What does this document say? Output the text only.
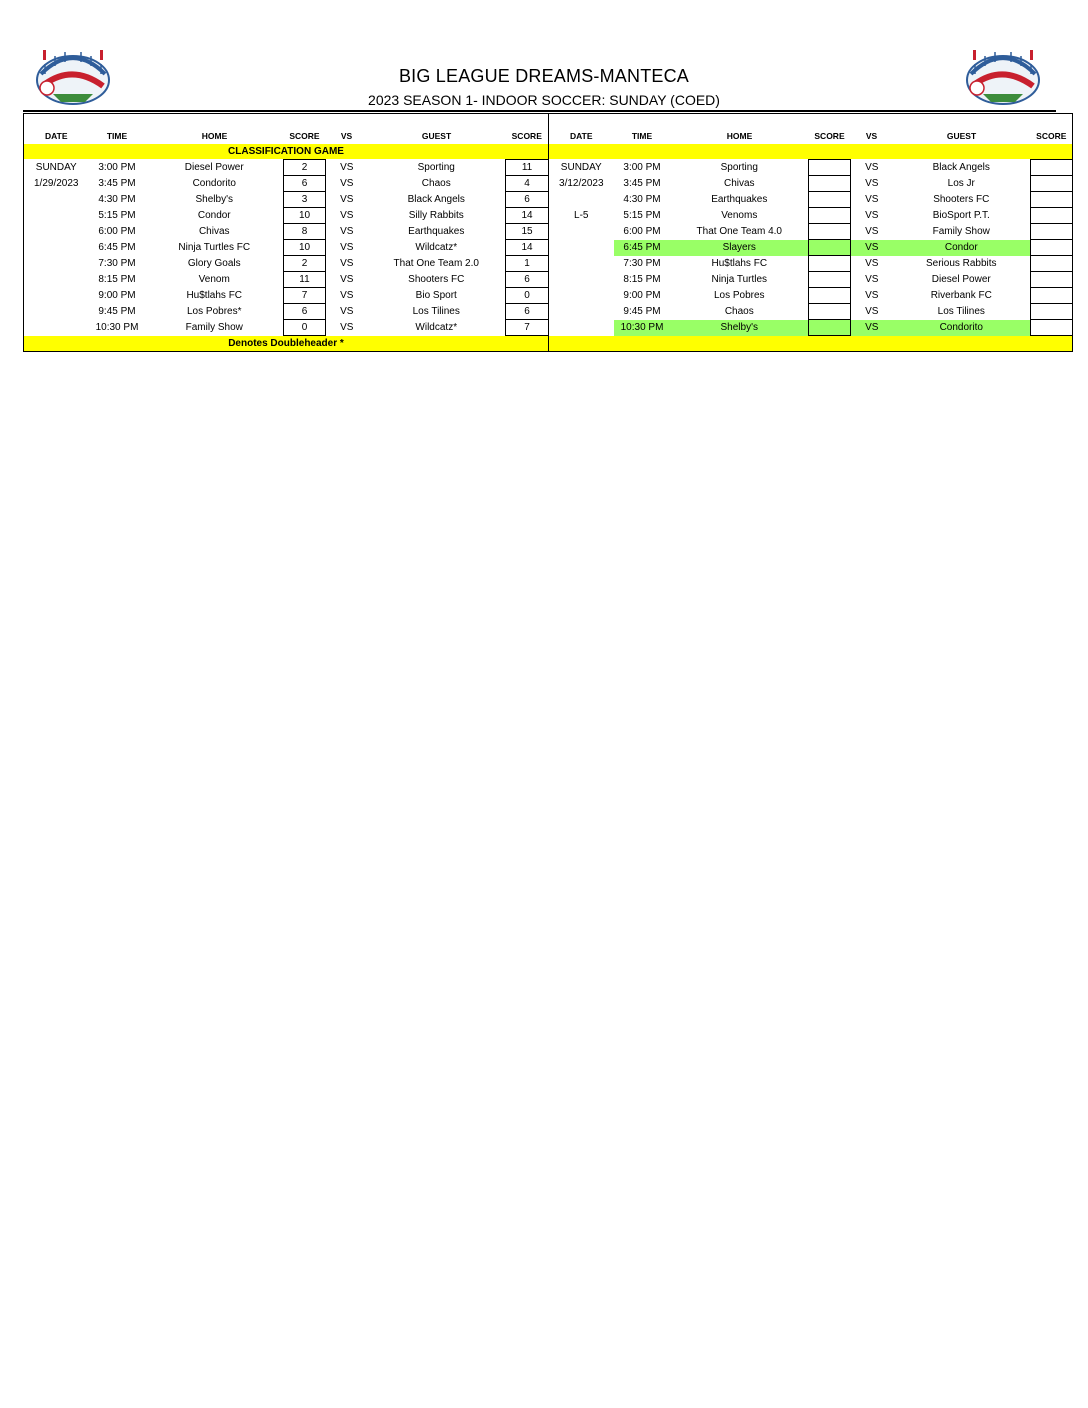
BIG LEAGUE DREAMS-MANTECA
2023 SEASON 1- INDOOR SOCCER: SUNDAY (COED)

DATE	TIME	HOME	SCORE	VS	GUEST	SCORE	DATE	TIME	HOME	SCORE	VS	GUEST	SCORE
CLASSIFICATION GAME													
SUNDAY	3:00 PM	Diesel Power	2	VS	Sporting	11	SUNDAY	3:00 PM	Sporting		VS	Black Angels	
1/29/2023	3:45 PM	Condorito	6	VS	Chaos	4	3/12/2023	3:45 PM	Chivas		VS	Los Jr	
	4:30 PM	Shelby's	3	VS	Black Angels	6		4:30 PM	Earthquakes		VS	Shooters FC	
	5:15 PM	Condor	10	VS	Silly Rabbits	14	L-5	5:15 PM	Venoms		VS	BioSport P.T.	
	6:00 PM	Chivas	8	VS	Earthquakes	15		6:00 PM	That One Team 4.0		VS	Family Show	
	6:45 PM	Ninja Turtles FC	10	VS	Wildcatz*	14		6:45 PM	Slayers		VS	Condor	
	7:30 PM	Glory Goals	2	VS	That One Team 2.0	1		7:30 PM	Hu$tlahs FC		VS	Serious Rabbits	
	8:15 PM	Venom	11	VS	Shooters FC	6		8:15 PM	Ninja Turtles		VS	Diesel Power	
	9:00 PM	Hu$tlahs FC	7	VS	Bio Sport	0		9:00 PM	Los Pobres		VS	Riverbank FC	
	9:45 PM	Los Pobres*	6	VS	Los Tilines	6		9:45 PM	Chaos		VS	Los Tilines	
	10:30 PM	Family Show	0	VS	Wildcatz*	7		10:30 PM	Shelby's		VS	Condorito	
Denotes Doubleheader *													
